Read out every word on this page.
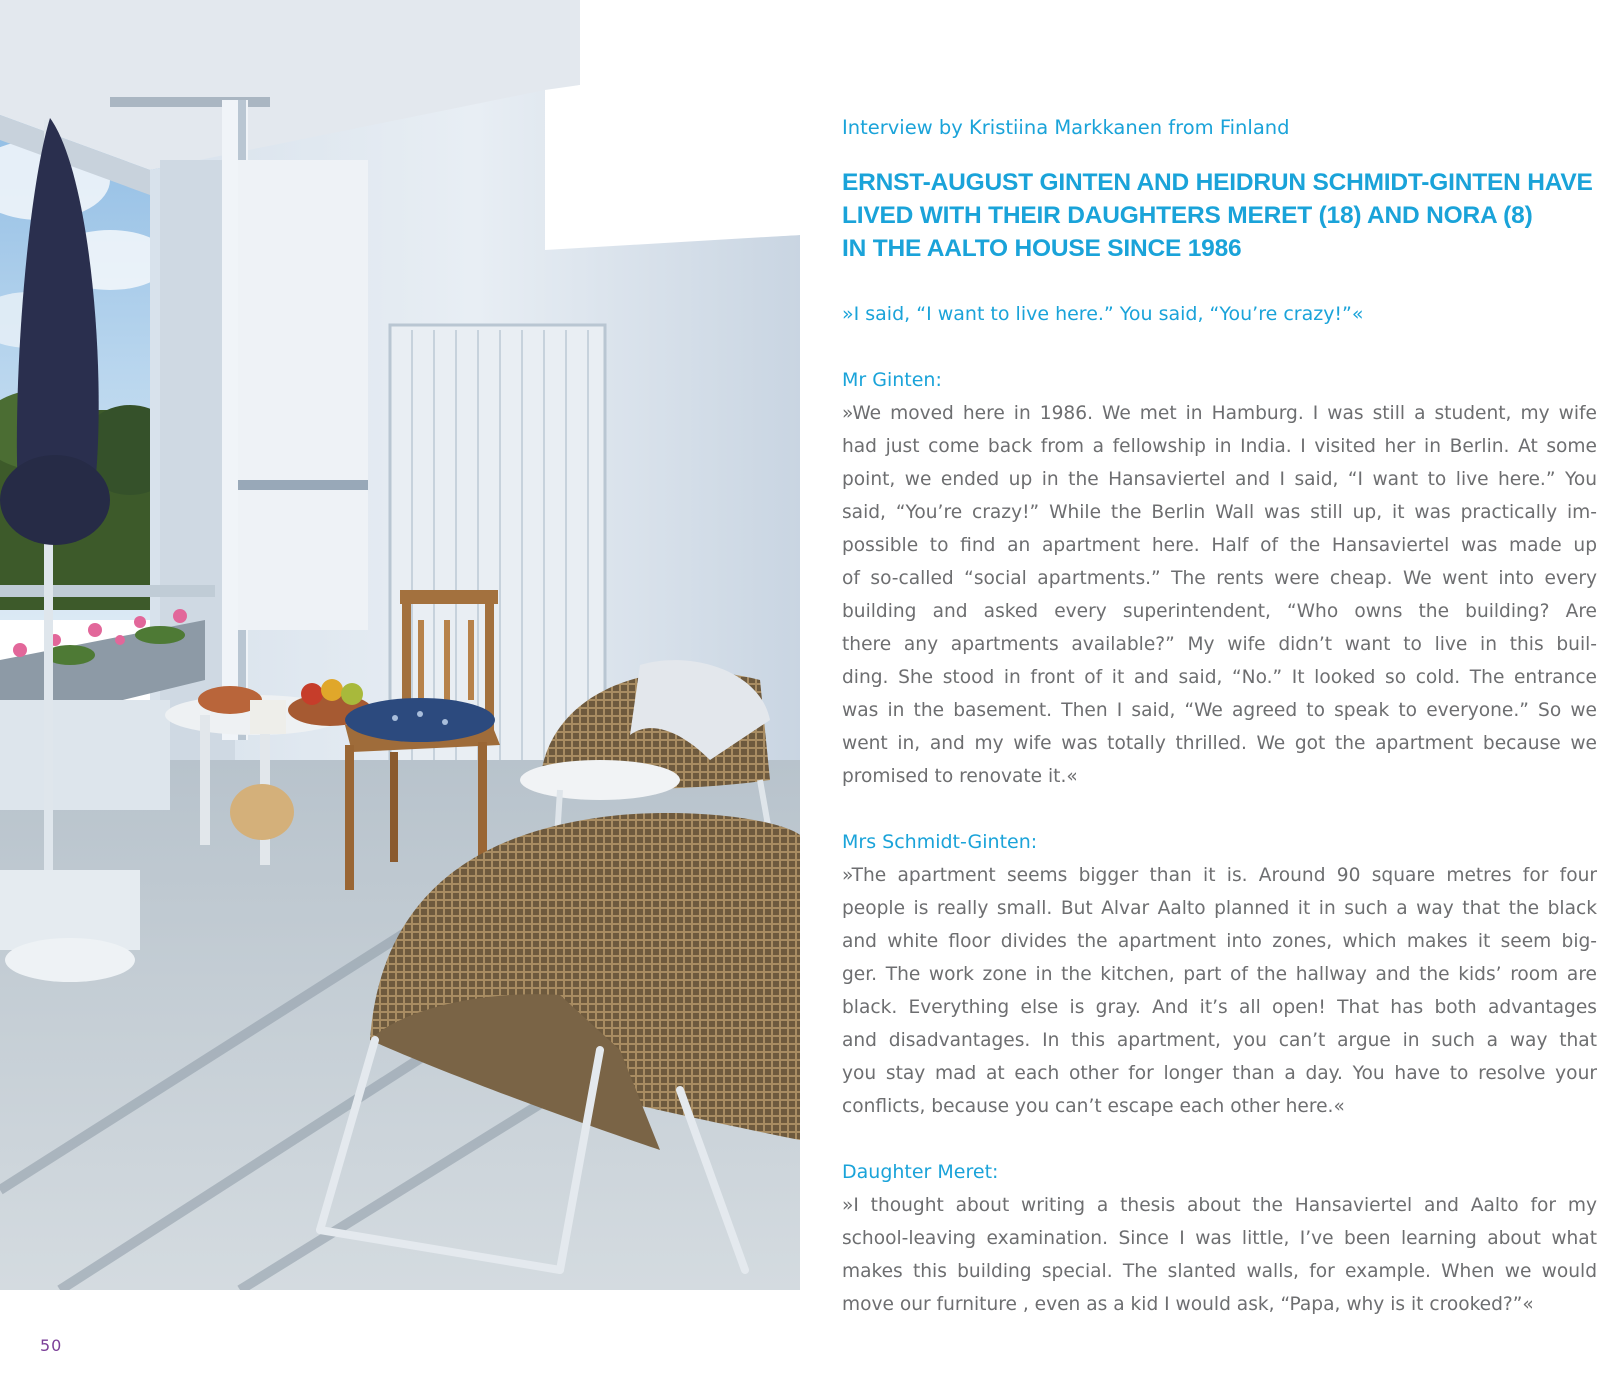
50

Interview by Kristiina Markkanen from Finland

ERNST-AUGUST GINTEN AND HEIDRUN SCHMIDT-GINTEN HAVE
LIVED WITH THEIR DAUGHTERS MERET (18) AND NORA (8)
IN THE AALTO HOUSE SINCE 1986

»I said, “I want to live here.” You said, “You’re crazy!”«

Mr Ginten:

»We moved here in 1986. We met in Hamburg. I was still a student, my wife
had just come back from a fellowship in India. I visited her in Berlin. At some
point, we ended up in the Hansaviertel and I said, “I want to live here.” You
said, “You’re crazy!” While the Berlin Wall was still up, it was practically im-
possible to find an apartment here. Half of the Hansaviertel was made up
of so-called “social apartments.” The rents were cheap. We went into every
building and asked every superintendent, “Who owns the building? Are
there any apartments available?” My wife didn’t want to live in this buil-
ding. She stood in front of it and said, “No.” It looked so cold. The entrance
was in the basement. Then I said, “We agreed to speak to everyone.” So we
went in, and my wife was totally thrilled. We got the apartment because we
promised to renovate it.«

Mrs Schmidt-Ginten:

»The apartment seems bigger than it is. Around 90 square metres for four
people is really small. But Alvar Aalto planned it in such a way that the black
and white floor divides the apartment into zones, which makes it seem big-
ger. The work zone in the kitchen, part of the hallway and the kids’ room are
black. Everything else is gray. And it’s all open! That has both advantages
and disadvantages. In this apartment, you can’t argue in such a way that
you stay mad at each other for longer than a day. You have to resolve your
conflicts, because you can’t escape each other here.«

Daughter Meret:

»I thought about writing a thesis about the Hansaviertel and Aalto for my
school-leaving examination. Since I was little, I’ve been learning about what
makes this building special. The slanted walls, for example. When we would
move our furniture , even as a kid I would ask, “Papa, why is it crooked?”«
